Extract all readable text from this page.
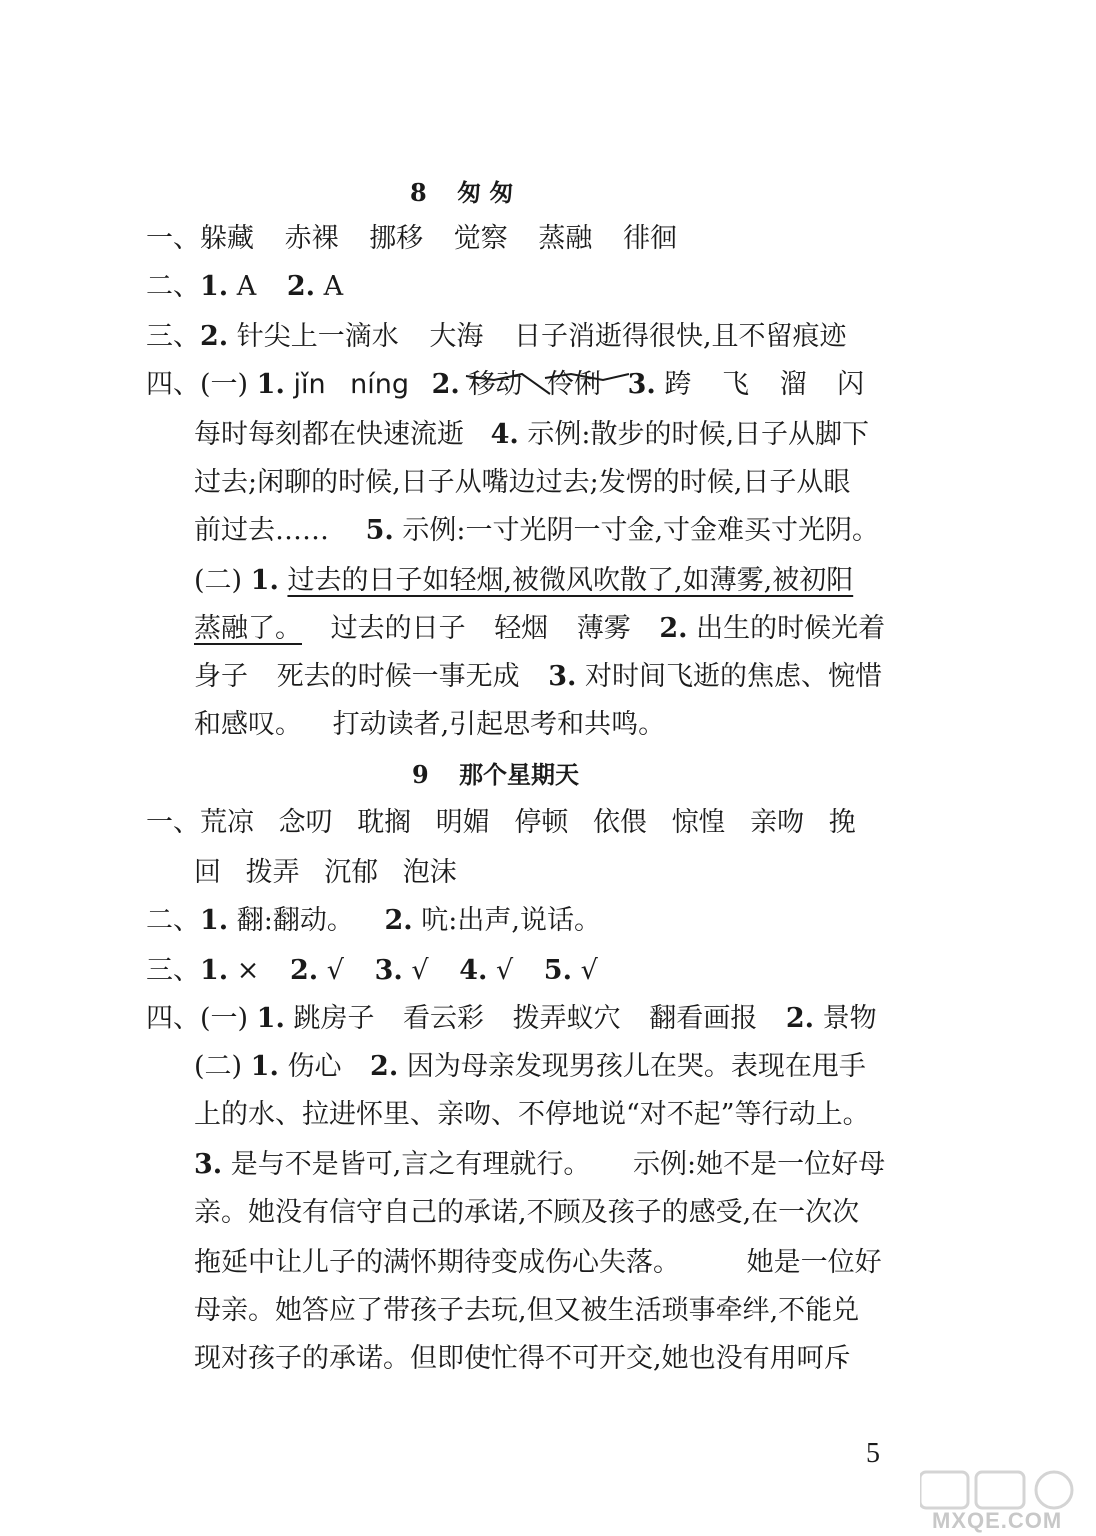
8 匆 匆
一、躲藏 赤裸 挪移 觉察 蒸融 徘徊
二、1. A 2. A
三、2. 针尖上一滴水 大海 日子消逝得很快,且不留痕迹
四、(一) 1. jǐn níng 2. 移动 伶俐 3. 跨 飞 溜 闪
每时每刻都在快速流逝 4. 示例:散步的时候,日子从脚下
过去;闲聊的时候,日子从嘴边过去;发愣的时候,日子从眼
前过去…… 5. 示例:一寸光阴一寸金,寸金难买寸光阴。
(二) 1. 过去的日子如轻烟,被微风吹散了,如薄雾,被初阳
蒸融了。 过去的日子 轻烟 薄雾 2. 出生的时候光着
身子 死去的时候一事无成 3. 对时间飞逝的焦虑、惋惜
和感叹。 打动读者,引起思考和共鸣。
9 那个星期天
一、荒凉 念叨 耽搁 明媚 停顿 依偎 惊惶 亲吻 挽
回 拨弄 沉郁 泡沫
二、1. 翻:翻动。 2. 吭:出声,说话。
三、1. × 2. √ 3. √ 4. √ 5. √
四、(一) 1. 跳房子 看云彩 拨弄蚁穴 翻看画报 2. 景物
(二) 1. 伤心 2. 因为母亲发现男孩儿在哭。表现在甩手
上的水、拉进怀里、亲吻、不停地说“对不起”等行动上。
3. 是与不是皆可,言之有理就行。 示例:她不是一位好母
亲。她没有信守自己的承诺,不顾及孩子的感受,在一次次
拖延中让儿子的满怀期待变成伤心失落。 她是一位好
母亲。她答应了带孩子去玩,但又被生活琐事牵绊,不能兑
现对孩子的承诺。但即使忙得不可开交,她也没有用呵斥
5
MXQE.COM
